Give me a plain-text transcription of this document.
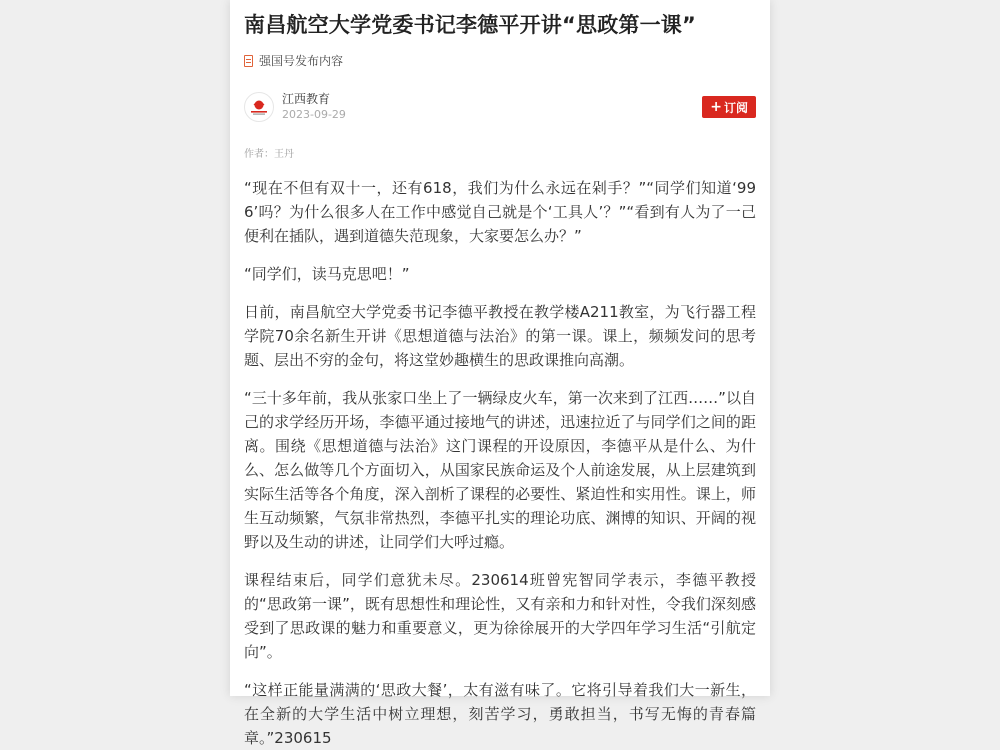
南昌航空大学党委书记李德平开讲“思政第一课”
强国号发布内容
江西教育
2023-09-29	+ 订阅
作者：王丹

“现在不但有双十一，还有618，我们为什么永远在剁手？”“同学们知道‘996’吗？为什么很多人在工作中感觉自己就是个‘工具人’？”“看到有人为了一己便利在插队，遇到道德失范现象，大家要怎么办？”

“同学们，读马克思吧！”

日前，南昌航空大学党委书记李德平教授在教学楼A211教室，为飞行器工程学院70余名新生开讲《思想道德与法治》的第一课。课上，频频发问的思考题、层出不穷的金句，将这堂妙趣横生的思政课推向高潮。

“三十多年前，我从张家口坐上了一辆绿皮火车，第一次来到了江西……”以自己的求学经历开场，李德平通过接地气的讲述，迅速拉近了与同学们之间的距离。围绕《思想道德与法治》这门课程的开设原因，李德平从是什么、为什么、怎么做等几个方面切入，从国家民族命运及个人前途发展，从上层建筑到实际生活等各个角度，深入剖析了课程的必要性、紧迫性和实用性。课上，师生互动频繁，气氛非常热烈，李德平扎实的理论功底、渊博的知识、开阔的视野以及生动的讲述，让同学们大呼过瘾。

课程结束后，同学们意犹未尽。230614班曾宪智同学表示，李德平教授的“思政第一课”，既有思想性和理论性，又有亲和力和针对性，令我们深刻感受到了思政课的魅力和重要意义，更为徐徐展开的大学四年学习生活“引航定向”。

“这样正能量满满的‘思政大餐’，太有滋有味了。它将引导着我们大一新生，在全新的大学生活中树立理想，刻苦学习，勇敢担当，书写无悔的青春篇章。”230615
